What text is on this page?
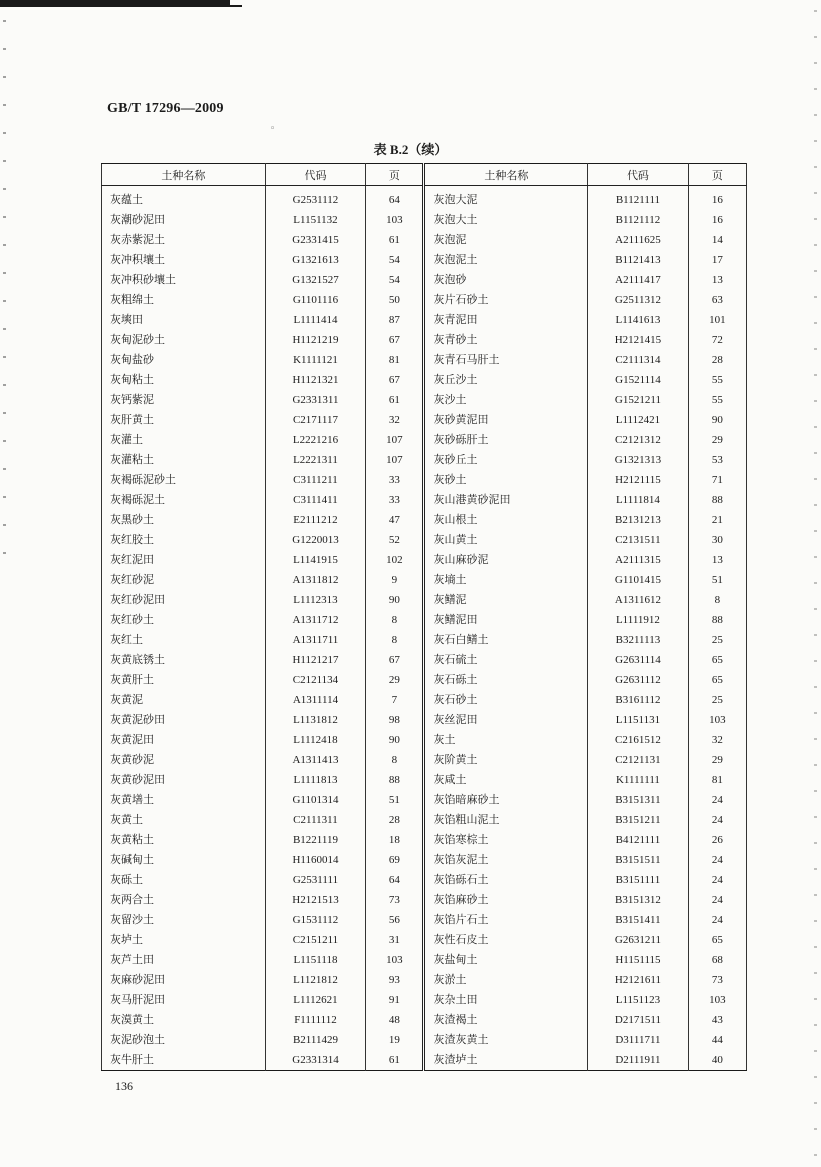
◦
GB/T 17296—2009
表 B.2（续）
土种名称	代码	页	土种名称	代码	页
灰蕴土	G2531112	64	灰泡大泥	B1121111	16
灰潮砂泥田	L1151132	103	灰泡大土	B1121112	16
灰赤紫泥土	G2331415	61	灰泡泥	A2111625	14
灰冲积壤土	G1321613	54	灰泡泥土	B1121413	17
灰冲积砂壤土	G1321527	54	灰泡砂	A2111417	13
灰粗绵土	G1101116	50	灰片石砂土	G2511312	63
灰塽田	L1111414	87	灰青泥田	L1141613	101
灰甸泥砂土	H1121219	67	灰青砂土	H2121415	72
灰甸盐砂	K1111121	81	灰青石马肝土	C2111314	28
灰甸粘土	H1121321	67	灰丘沙土	G1521114	55
灰钙紫泥	G2331311	61	灰沙土	G1521211	55
灰肝黄土	C2171117	32	灰砂黄泥田	L1112421	90
灰灌土	L2221216	107	灰砂砾肝土	C2121312	29
灰灌粘土	L2221311	107	灰砂丘土	G1321313	53
灰褐砾泥砂土	C3111211	33	灰砂土	H2121115	71
灰褐砾泥土	C3111411	33	灰山港黄砂泥田	L1111814	88
灰黑砂土	E2111212	47	灰山根土	B2131213	21
灰红胶土	G1220013	52	灰山黄土	C2131511	30
灰红泥田	L1141915	102	灰山麻砂泥	A2111315	13
灰红砂泥	A1311812	9	灰墒土	G1101415	51
灰红砂泥田	L1112313	90	灰鳝泥	A1311612	8
灰红砂土	A1311712	8	灰鳝泥田	L1111912	88
灰红土	A1311711	8	灰石白鳝土	B3211113	25
灰黄底锈土	H1121217	67	灰石硫土	G2631114	65
灰黄肝土	C2121134	29	灰石砾土	G2631112	65
灰黄泥	A1311114	7	灰石砂土	B3161112	25
灰黄泥砂田	L1131812	98	灰丝泥田	L1151131	103
灰黄泥田	L1112418	90	灰土	C2161512	32
灰黄砂泥	A1311413	8	灰阶黄土	C2121131	29
灰黄砂泥田	L1111813	88	灰咸土	K1111111	81
灰黄墡土	G1101314	51	灰馅暗麻砂土	B3151311	24
灰黄土	C2111311	28	灰馅粗山泥土	B3151211	24
灰黄粘土	B1221119	18	灰馅寒棕土	B4121111	26
灰碱甸土	H1160014	69	灰馅灰泥土	B3151511	24
灰砾土	G2531111	64	灰馅砾石土	B3151111	24
灰两合土	H2121513	73	灰馅麻砂土	B3151312	24
灰留沙土	G1531112	56	灰馅片石土	B3151411	24
灰垆土	C2151211	31	灰性石皮土	G2631211	65
灰芦土田	L1151118	103	灰盐甸土	H1151115	68
灰麻砂泥田	L1121812	93	灰淤土	H2121611	73
灰马肝泥田	L1112621	91	灰杂土田	L1151123	103
灰漠黄土	F1111112	48	灰渣褐土	D2171511	43
灰泥砂泡土	B2111429	19	灰渣灰黄土	D3111711	44
灰牛肝土	G2331314	61	灰渣垆土	D2111911	40
136
